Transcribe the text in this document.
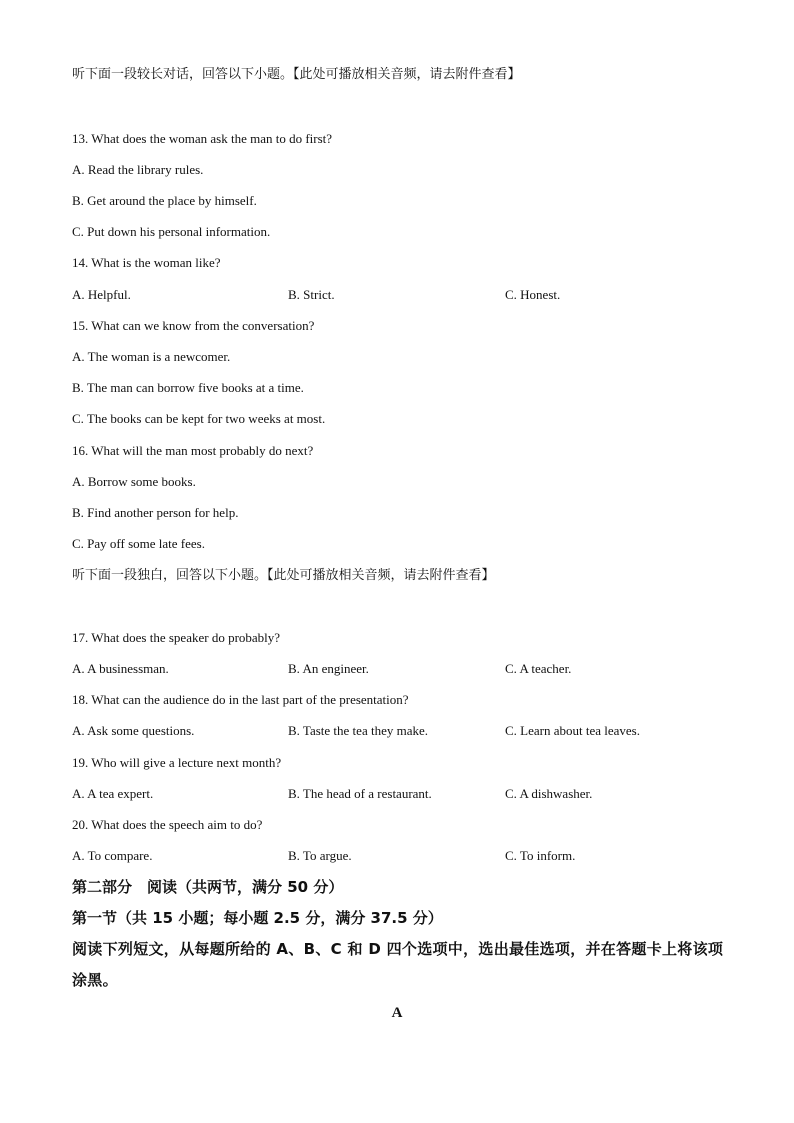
听下面一段较长对话，回答以下小题。【此处可播放相关音频，请去附件查看】
13. What does the woman ask the man to do first?
A. Read the library rules.
B. Get around the place by himself.
C. Put down his personal information.
14. What is the woman like?
A. Helpful.	B. Strict.	C. Honest.
15. What can we know from the conversation?
A. The woman is a newcomer.
B. The man can borrow five books at a time.
C. The books can be kept for two weeks at most.
16. What will the man most probably do next?
A. Borrow some books.
B. Find another person for help.
C. Pay off some late fees.
听下面一段独白，回答以下小题。【此处可播放相关音频，请去附件查看】
17. What does the speaker do probably?
A. A businessman.	B. An engineer.	C. A teacher.
18. What can the audience do in the last part of the presentation?
A. Ask some questions.	B. Taste the tea they make.	C. Learn about tea leaves.
19. Who will give a lecture next month?
A. A tea expert.	B. The head of a restaurant.	C. A dishwasher.
20. What does the speech aim to do?
A. To compare.	B. To argue.	C. To inform.
第二部分　阅读（共两节，满分 50 分）
第一节（共 15 小题；每小题 2.5 分，满分 37.5 分）
阅读下列短文，从每题所给的 A、B、C 和 D 四个选项中，选出最佳选项，并在答题卡上将该项涂黑。
A
